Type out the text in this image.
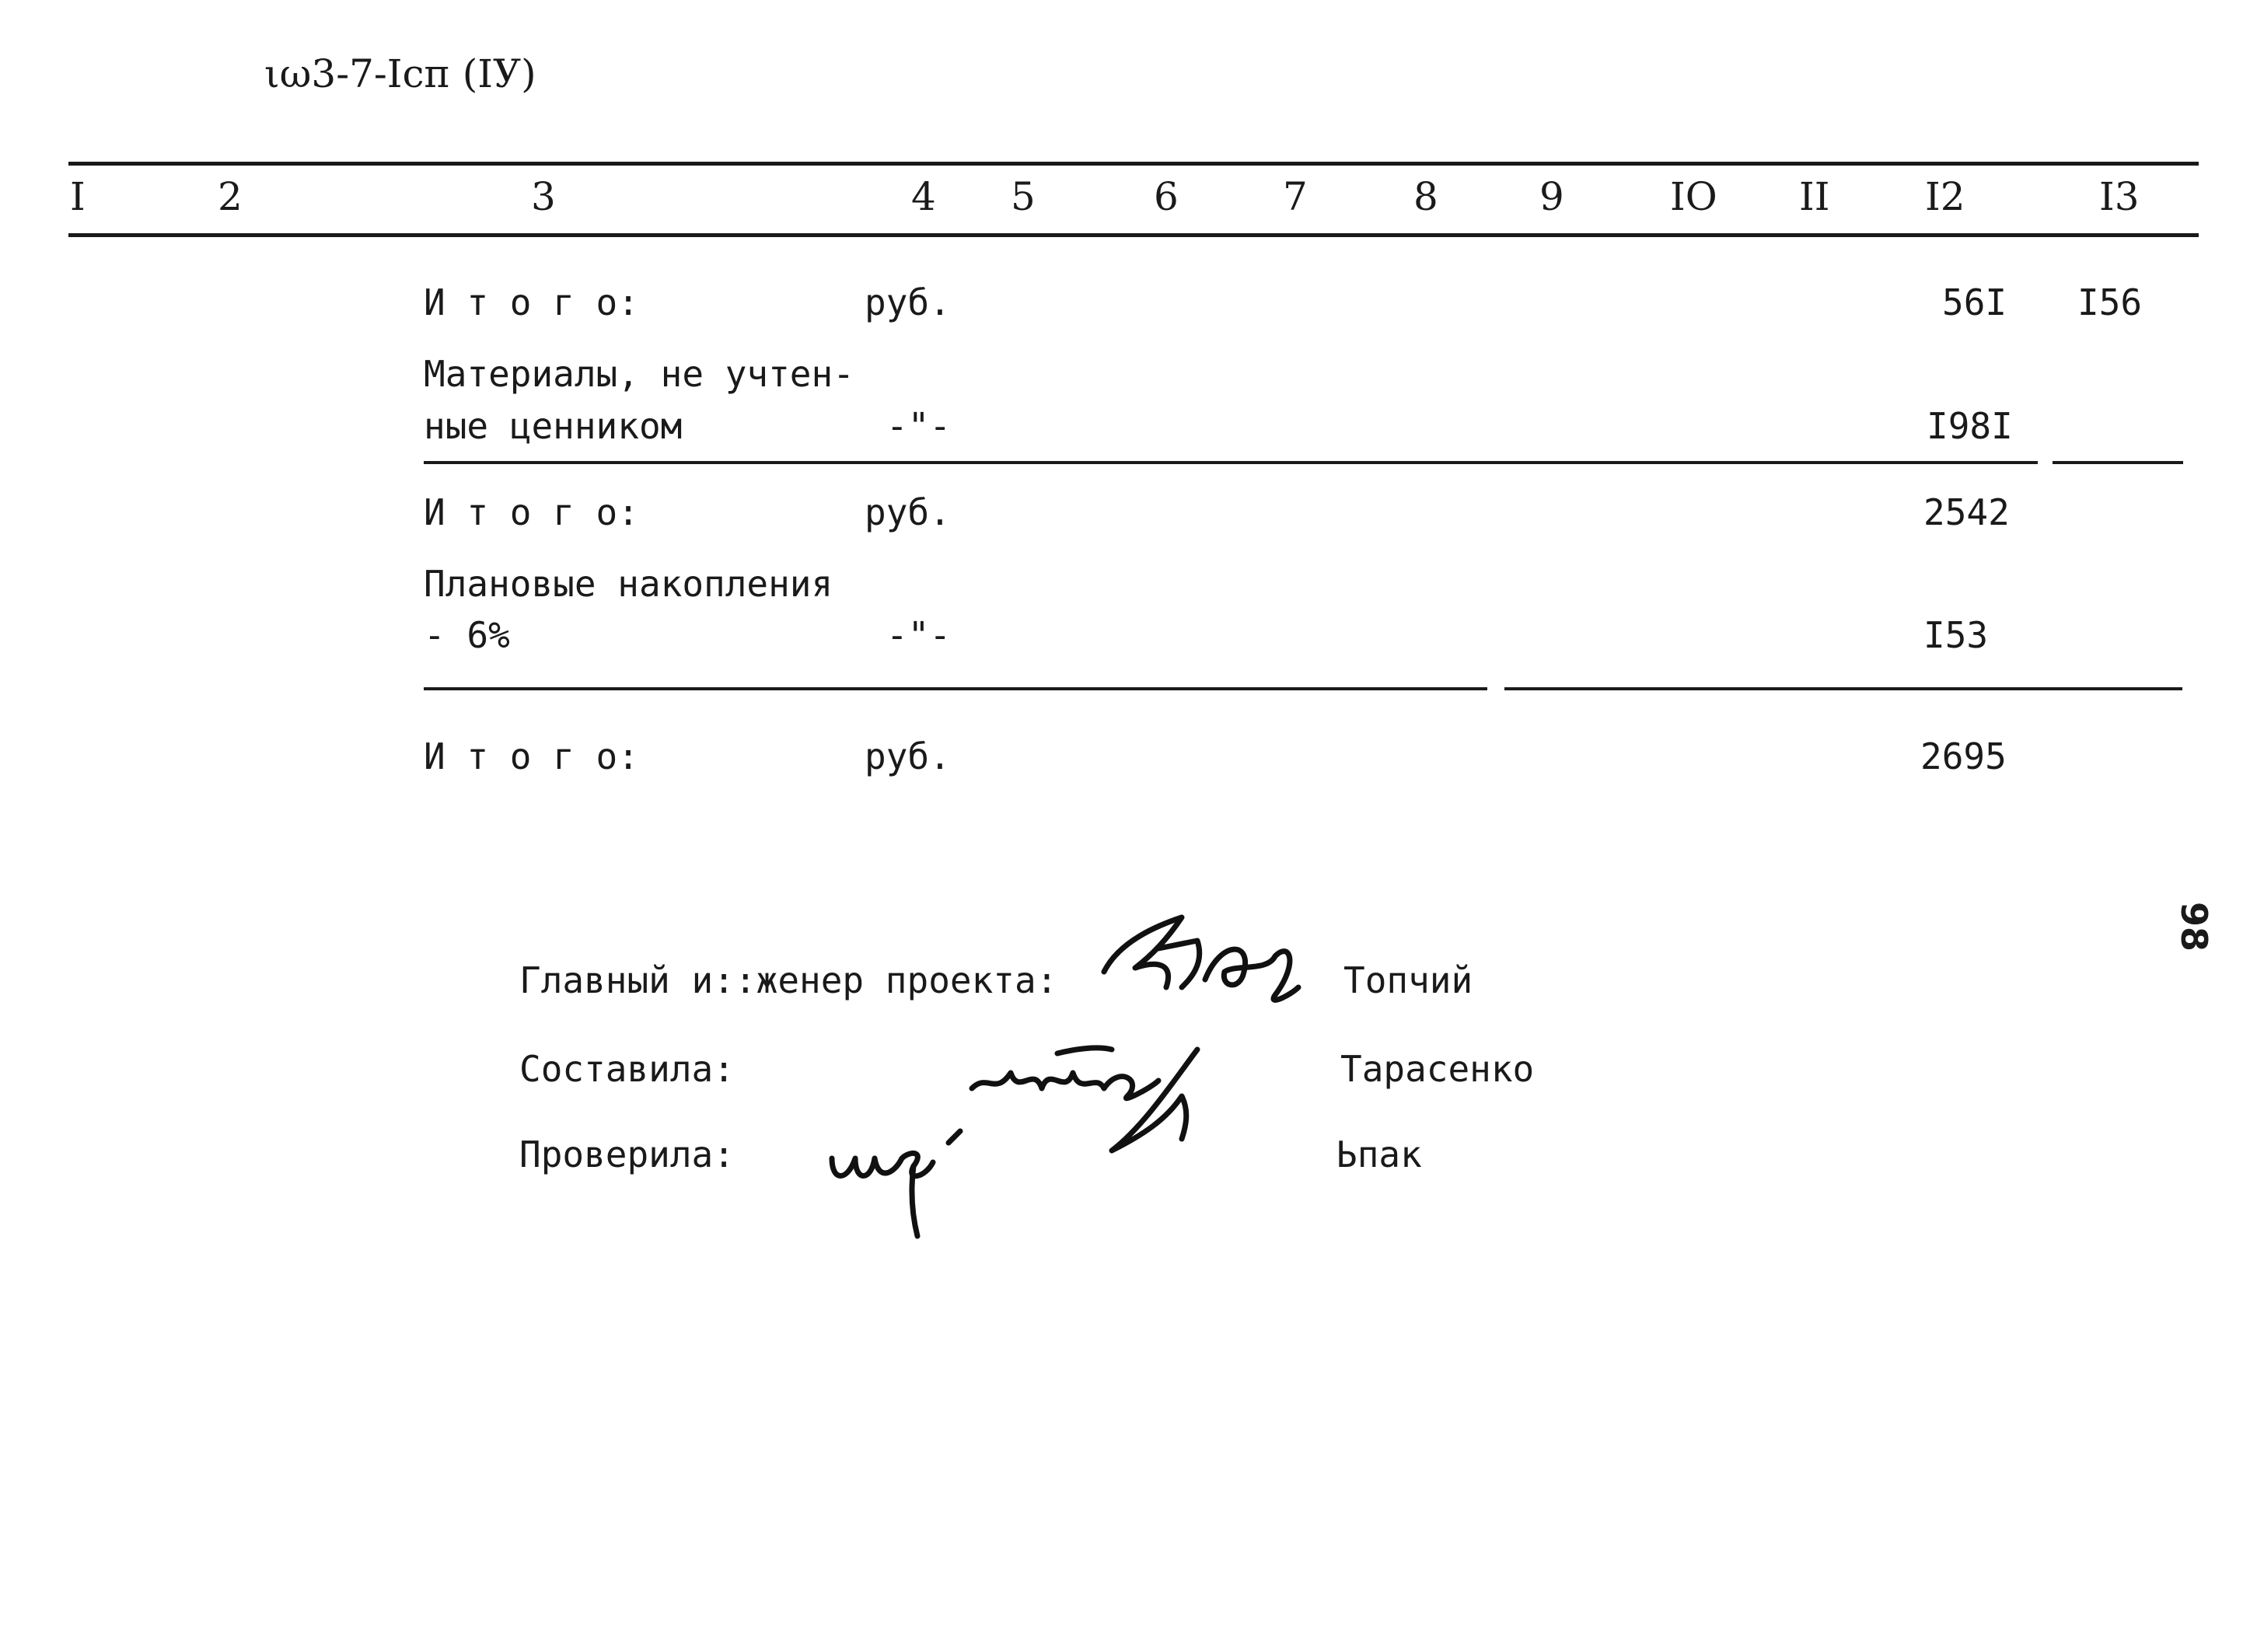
ιω3-7-Iсп (IУ)
I	2	3	4 5	6	7	8	9	IO II I2	I3
И т о г о:	руб.	56I I56
Материалы, не учтен-
ные ценником	-"-	I98I
И т о г о:	руб.	2542
Плановые накопления
- 6%	-"-	I53
И т о г о:	руб.	2695
98
Главный и::женер проекта:	Топчий
Составила:	Тарасенко
Проверила:	Ьпак
